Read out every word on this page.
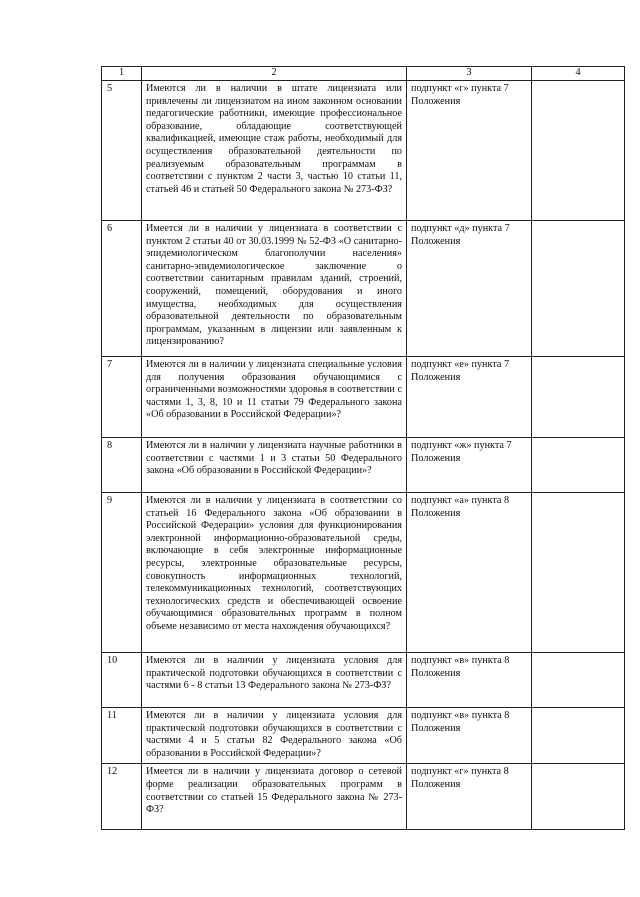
1	2	3	4
5	Имеются ли в наличии в штате лицензиата или привлечены ли лицензиатом на ином законном основании педагогические работники, имеющие профессиональное образование, обладающие соответствующей квалификацией, имеющие стаж работы, необходимый для осуществления образовательной деятельности по реализуемым образовательным программам в соответствии с пунктом 2 части 3, частью 10 статьи 11, статьей 46 и статьей 50 Федерального закона № 273-ФЗ?	подпункт «г» пункта 7 Положения	
6	Имеется ли в наличии у лицензиата в соответствии с пунктом 2 статьи 40 от 30.03.1999 № 52-ФЗ «О санитарно-эпидемиологическом благополучии населения» санитарно-эпидемиологическое заключение о соответствии санитарным правилам зданий, строений, сооружений, помещений, оборудования и иного имущества, необходимых для осуществления образовательной деятельности по образовательным программам, указанным в лицензии или заявленным к лицензированию?	подпункт «д» пункта 7 Положения	
7	Имеются ли в наличии у лицензиата специальные условия для получения образования обучающимися с ограниченными возможностями здоровья в соответствии с частями 1, 3, 8, 10 и 11 статьи 79 Федерального закона «Об образовании в Российской Федерации»?	подпункт «е» пункта 7 Положения	
8	Имеются ли в наличии у лицензиата научные работники в соответствии с частями 1 и 3 статьи 50 Федерального закона «Об образовании в Российской Федерации»?	подпункт «ж» пункта 7 Положения	
9	Имеются ли в наличии у лицензиата в соответствии со статьей 16 Федерального закона «Об образовании в Российской Федерации» условия для функционирования электронной информационно-образовательной среды, включающие в себя электронные информационные ресурсы, электронные образовательные ресурсы, совокупность информационных технологий, телекоммуникационных технологий, соответствующих технологических средств и обеспечивающей освоение обучающимися образовательных программ в полном объеме независимо от места нахождения обучающихся?	подпункт «а» пункта 8 Положения	
10	Имеются ли в наличии у лицензиата условия для практической подготовки обучающихся в соответствии с частями 6 - 8 статьи 13 Федерального закона № 273-ФЗ?	подпункт «в» пункта 8 Положения	
11	Имеются ли в наличии у лицензиата условия для практической подготовки обучающихся в соответствии с частями 4 и 5 статьи 82 Федерального закона «Об образовании в Российской Федерации»?	подпункт «в» пункта 8 Положения	
12	Имеется ли в наличии у лицензиата договор о сетевой форме реализации образовательных программ в соответствии со статьей 15 Федерального закона № 273-ФЗ?	подпункт «г» пункта 8 Положения	
